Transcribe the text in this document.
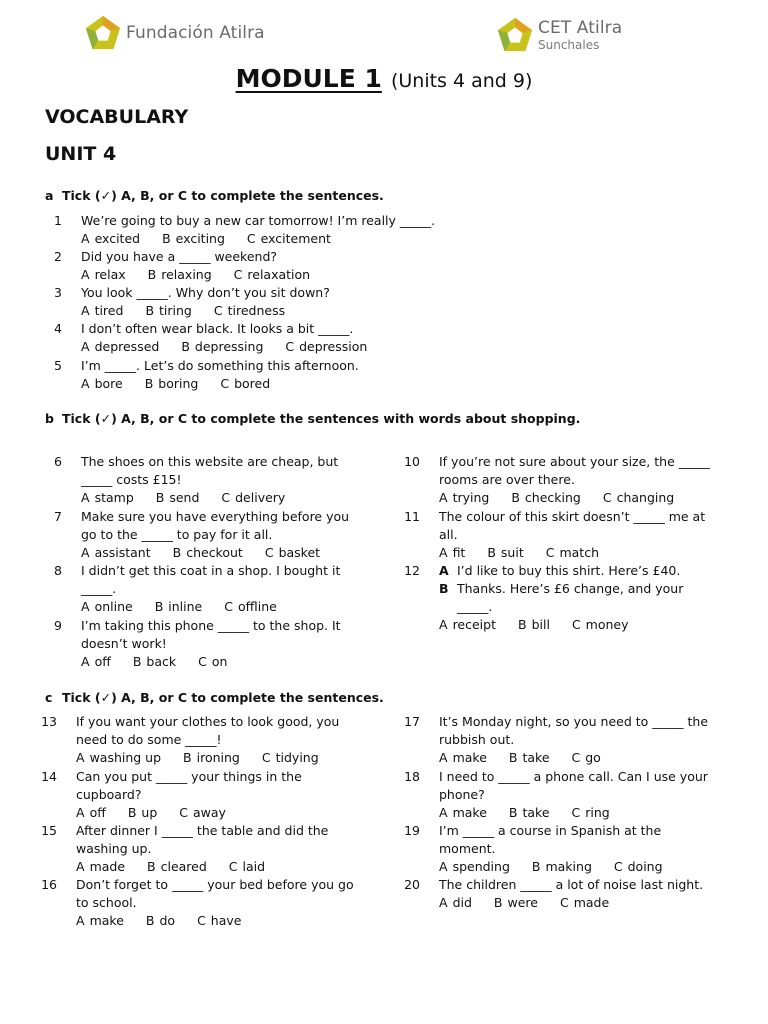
Fundación Atilra	CET Atilra
Sunchales
MODULE 1 (Units 4 and 9)
VOCABULARY
UNIT 4
a Tick (✓) A, B, or C to complete the sentences.
1 We’re going to buy a new car tomorrow! I’m really _____.
A excited B exciting C excitement
2 Did you have a _____ weekend?
A relax B relaxing C relaxation
3 You look _____. Why don’t you sit down?
A tired B tiring C tiredness
4 I don’t often wear black. It looks a bit _____.
A depressed B depressing C depression
5 I’m _____. Let’s do something this afternoon.
A bore B boring C bored
b Tick (✓) A, B, or C to complete the sentences with words about shopping.
6 The shoes on this website are cheap, but
_____ costs £15!
A stamp B send C delivery
7 Make sure you have everything before you
go to the _____ to pay for it all.
A assistant B checkout C basket
8 I didn’t get this coat in a shop. I bought it
_____.
A online B inline C offline
9 I’m taking this phone _____ to the shop. It
doesn’t work!
A off B back C on
10 If you’re not sure about your size, the _____
rooms are over there.
A trying B checking C changing
11 The colour of this skirt doesn’t _____ me at
all.
A fit B suit C match
12 A I’d like to buy this shirt. Here’s £40.
B Thanks. Here’s £6 change, and your
_____.
A receipt B bill C money
c Tick (✓) A, B, or C to complete the sentences.
13 If you want your clothes to look good, you
need to do some _____!
A washing up B ironing C tidying
14 Can you put _____ your things in the
cupboard?
A off B up C away
15 After dinner I _____ the table and did the
washing up.
A made B cleared C laid
16 Don’t forget to _____ your bed before you go
to school.
A make B do C have
17 It’s Monday night, so you need to _____ the
rubbish out.
A make B take C go
18 I need to _____ a phone call. Can I use your
phone?
A make B take C ring
19 I’m _____ a course in Spanish at the
moment.
A spending B making C doing
20 The children _____ a lot of noise last night.
A did B were C made
